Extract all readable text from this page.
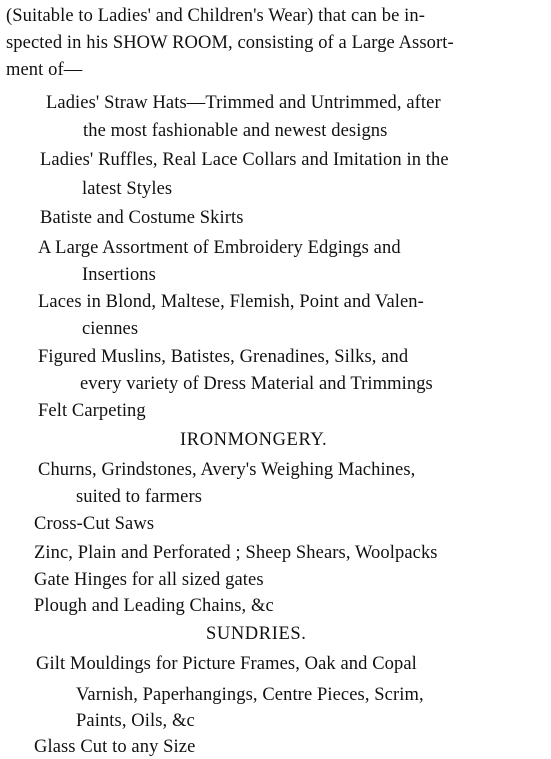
(Suitable to Ladies' and Children's Wear) that can be in-
spected in his SHOW ROOM, consisting of a Large Assort-
ment of—
Ladies' Straw Hats—Trimmed and Untrimmed, after
the most fashionable and newest designs
Ladies' Ruffles, Real Lace Collars and Imitation in the
latest Styles
Batiste and Costume Skirts
A Large Assortment of Embroidery Edgings and
Insertions
Laces in Blond, Maltese, Flemish, Point and Valen-
ciennes
Figured Muslins, Batistes, Grenadines, Silks, and
every variety of Dress Material and Trimmings
Felt Carpeting
IRONMONGERY.
Churns, Grindstones, Avery's Weighing Machines,
suited to farmers
Cross-Cut Saws
Zinc, Plain and Perforated ; Sheep Shears, Woolpacks
Gate Hinges for all sized gates
Plough and Leading Chains, &c
SUNDRIES.
Gilt Mouldings for Picture Frames, Oak and Copal
Varnish, Paperhangings, Centre Pieces, Scrim,
Paints, Oils, &c
Glass Cut to any Size
